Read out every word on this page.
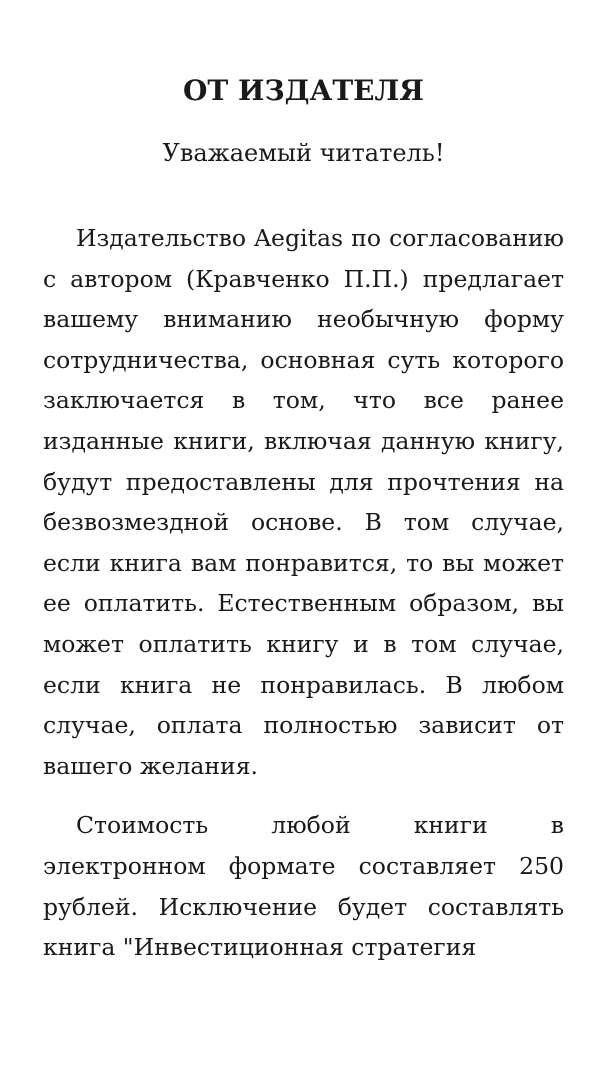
ОТ ИЗДАТЕЛЯ

Уважаемый читатель!

Издательство Aegitas по согласованию с автором (Кравченко П.П.) предлагает вашему вниманию необычную форму сотрудничества, основная суть которого заключается в том, что все ранее изданные книги, включая данную книгу, будут предоставлены для прочтения на безвозмездной основе. В том случае, если книга вам понравится, то вы может ее оплатить. Естественным образом, вы может оплатить книгу и в том случае, если книга не понравилась. В любом случае, оплата полностью зависит от вашего желания.

Стоимость любой книги в электронном формате составляет 250 рублей. Исключение будет составлять книга "Инвестиционная стратегия
